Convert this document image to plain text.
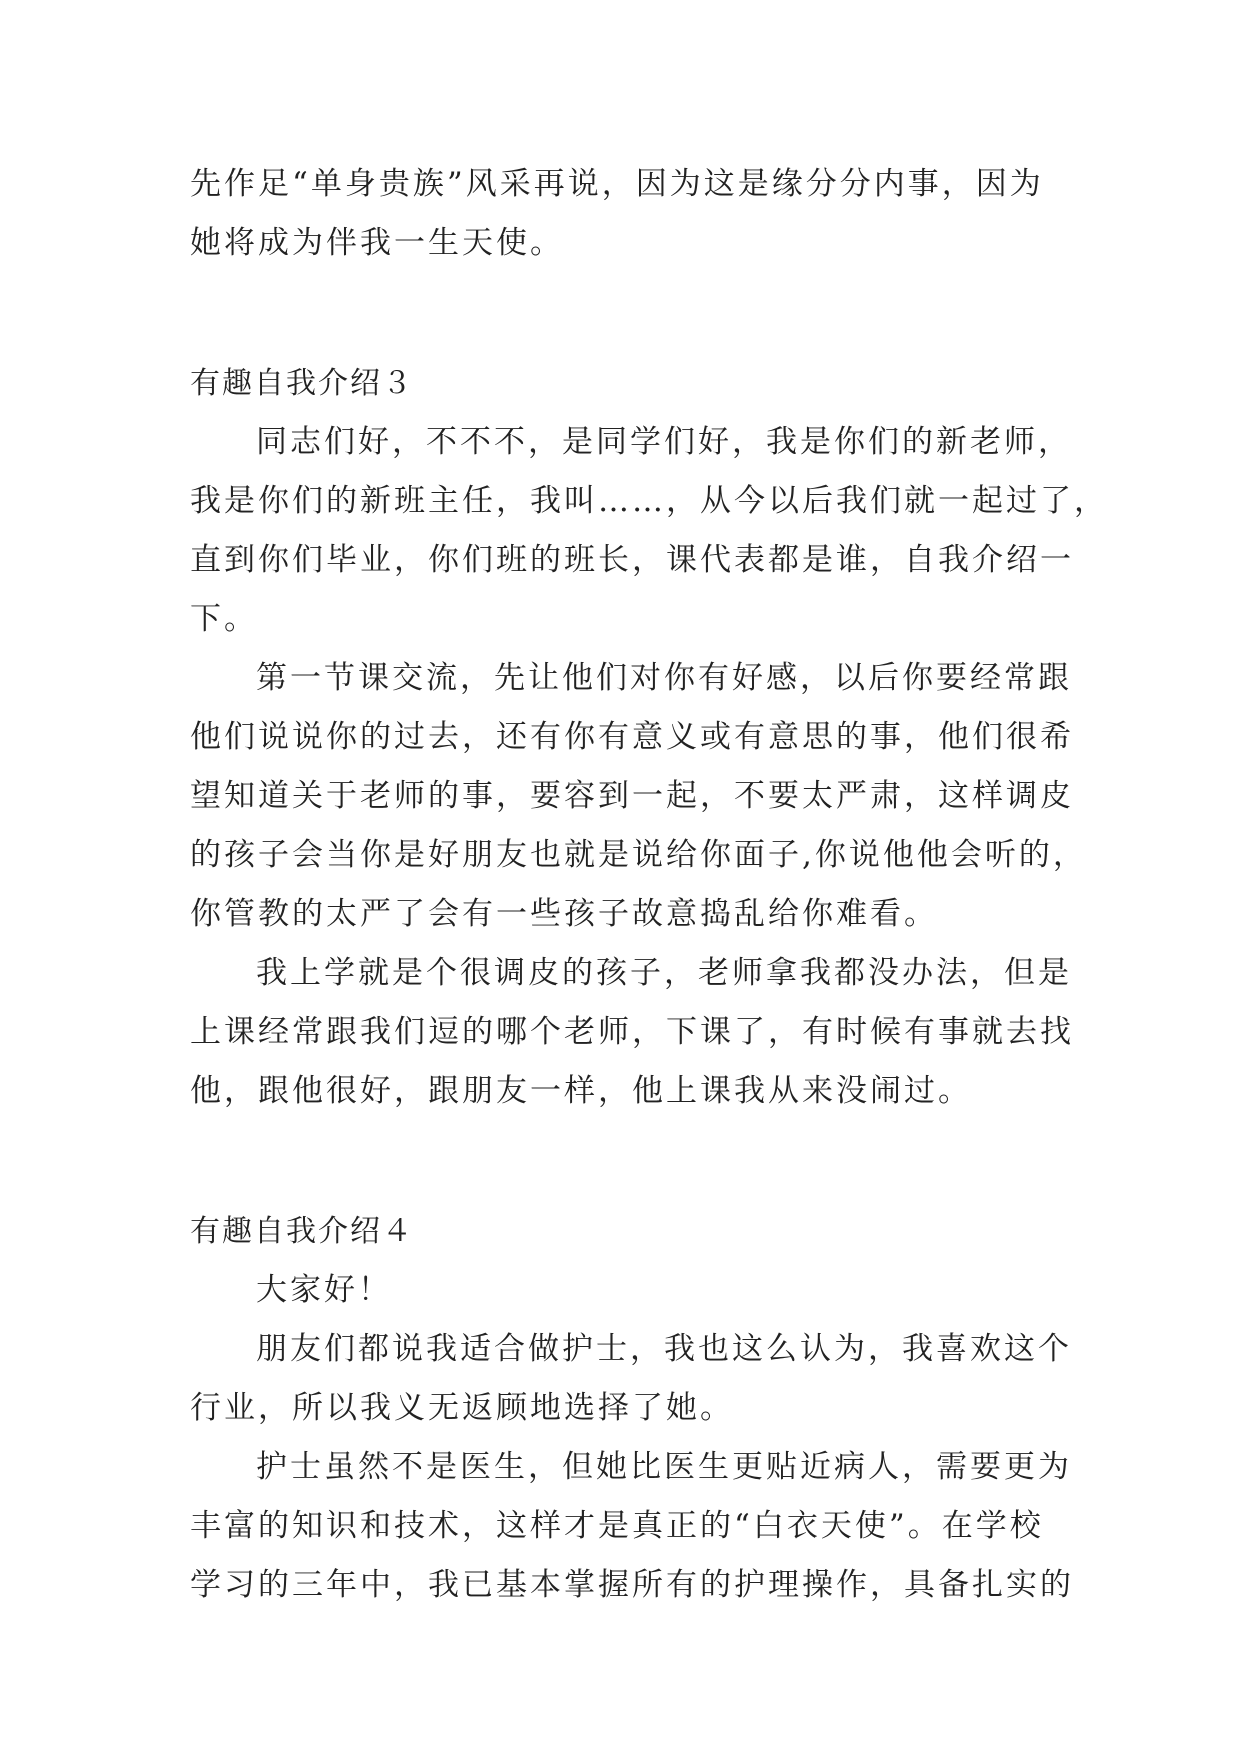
先作足“单身贵族”风采再说，因为这是缘分分内事，因为
她将成为伴我一生天使。
有趣自我介绍３
同志们好，不不不，是同学们好，我是你们的新老师，
我是你们的新班主任，我叫……，从今以后我们就一起过了，
直到你们毕业，你们班的班长，课代表都是谁，自我介绍一
下。
第一节课交流，先让他们对你有好感，以后你要经常跟
他们说说你的过去，还有你有意义或有意思的事，他们很希
望知道关于老师的事，要容到一起，不要太严肃，这样调皮
的孩子会当你是好朋友也就是说给你面子,你说他他会听的，
你管教的太严了会有一些孩子故意捣乱给你难看。
我上学就是个很调皮的孩子，老师拿我都没办法，但是
上课经常跟我们逗的哪个老师，下课了，有时候有事就去找
他，跟他很好，跟朋友一样，他上课我从来没闹过。
有趣自我介绍４
大家好！
朋友们都说我适合做护士，我也这么认为，我喜欢这个
行业，所以我义无返顾地选择了她。
护士虽然不是医生，但她比医生更贴近病人，需要更为
丰富的知识和技术，这样才是真正的“白衣天使”。在学校
学习的三年中，我已基本掌握所有的护理操作，具备扎实的
